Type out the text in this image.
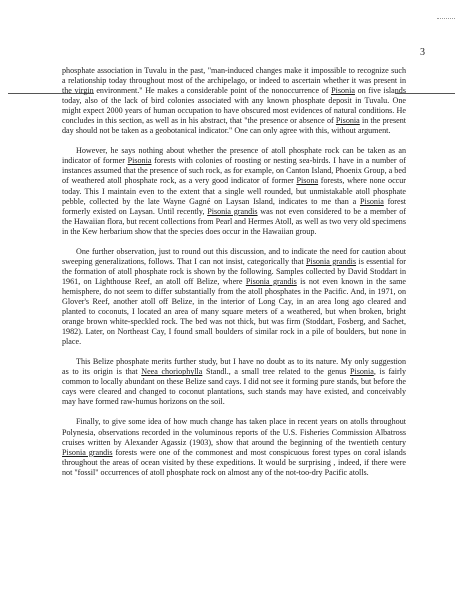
3

phosphate association in Tuvalu in the past, "man-induced changes make it impossible to recognize such a relationship today throughout most of the archipelago, or indeed to ascertain whether it was present in the virgin environment." He makes a considerable point of the nonoccurrence of Pisonia on five islands today, also of the lack of bird colonies associated with any known phosphate deposit in Tuvalu. One might expect 2000 years of human occupation to have obscured most evidences of natural conditions. He concludes in this section, as well as in his abstract, that "the presence or absence of Pisonia in the present day should not be taken as a geobotanical indicator." One can only agree with this, without argument.

However, he says nothing about whether the presence of atoll phosphate rock can be taken as an indicator of former Pisonia forests with colonies of roosting or nesting sea-birds. I have in a number of instances assumed that the presence of such rock, as for example, on Canton Island, Phoenix Group, a bed of weathered atoll phosphate rock, as a very good indicator of former Pisona forests, where none occur today. This I maintain even to the extent that a single well rounded, but unmistakable atoll phosphate pebble, collected by the late Wayne Gagné on Laysan Island, indicates to me than a Pisonia forest formerly existed on Laysan. Until recently, Pisonia grandis was not even considered to be a member of the Hawaiian flora, but recent collections from Pearl and Hermes Atoll, as well as two very old specimens in the Kew herbarium show that the species does occur in the Hawaiian group.

One further observation, just to round out this discussion, and to indicate the need for caution about sweeping generalizations, follows. That I can not insist, categorically that Pisonia grandis is essential for the formation of atoll phosphate rock is shown by the following. Samples collected by David Stoddart in 1961, on Lighthouse Reef, an atoll off Belize, where Pisonia grandis is not even known in the same hemisphere, do not seem to differ substantially from the atoll phosphates in the Pacific. And, in 1971, on Glover's Reef, another atoll off Belize, in the interior of Long Cay, in an area long ago cleared and planted to coconuts, I located an area of many square meters of a weathered, but when broken, bright orange brown white-speckled rock. The bed was not thick, but was firm (Stoddart, Fosberg, and Sachet, 1982). Later, on Northeast Cay, I found small boulders of similar rock in a pile of boulders, but none in place.

This Belize phosphate merits further study, but I have no doubt as to its nature. My only suggestion as to its origin is that Neea choriophylla Standl., a small tree related to the genus Pisonia, is fairly common to locally abundant on these Belize sand cays. I did not see it forming pure stands, but before the cays were cleared and changed to coconut plantations, such stands may have existed, and conceivably may have formed raw-humus horizons on the soil.

Finally, to give some idea of how much change has taken place in recent years on atolls throughout Polynesia, observations recorded in the voluminous reports of the U.S. Fisheries Commission Albatross cruises written by Alexander Agassiz (1903), show that around the beginning of the twentieth century Pisonia grandis forests were one of the commonest and most conspicuous forest types on coral islands throughout the areas of ocean visited by these expeditions. It would be surprising , indeed, if there were not "fossil" occurrences of atoll phosphate rock on almost any of the not-too-dry Pacific atolls.
